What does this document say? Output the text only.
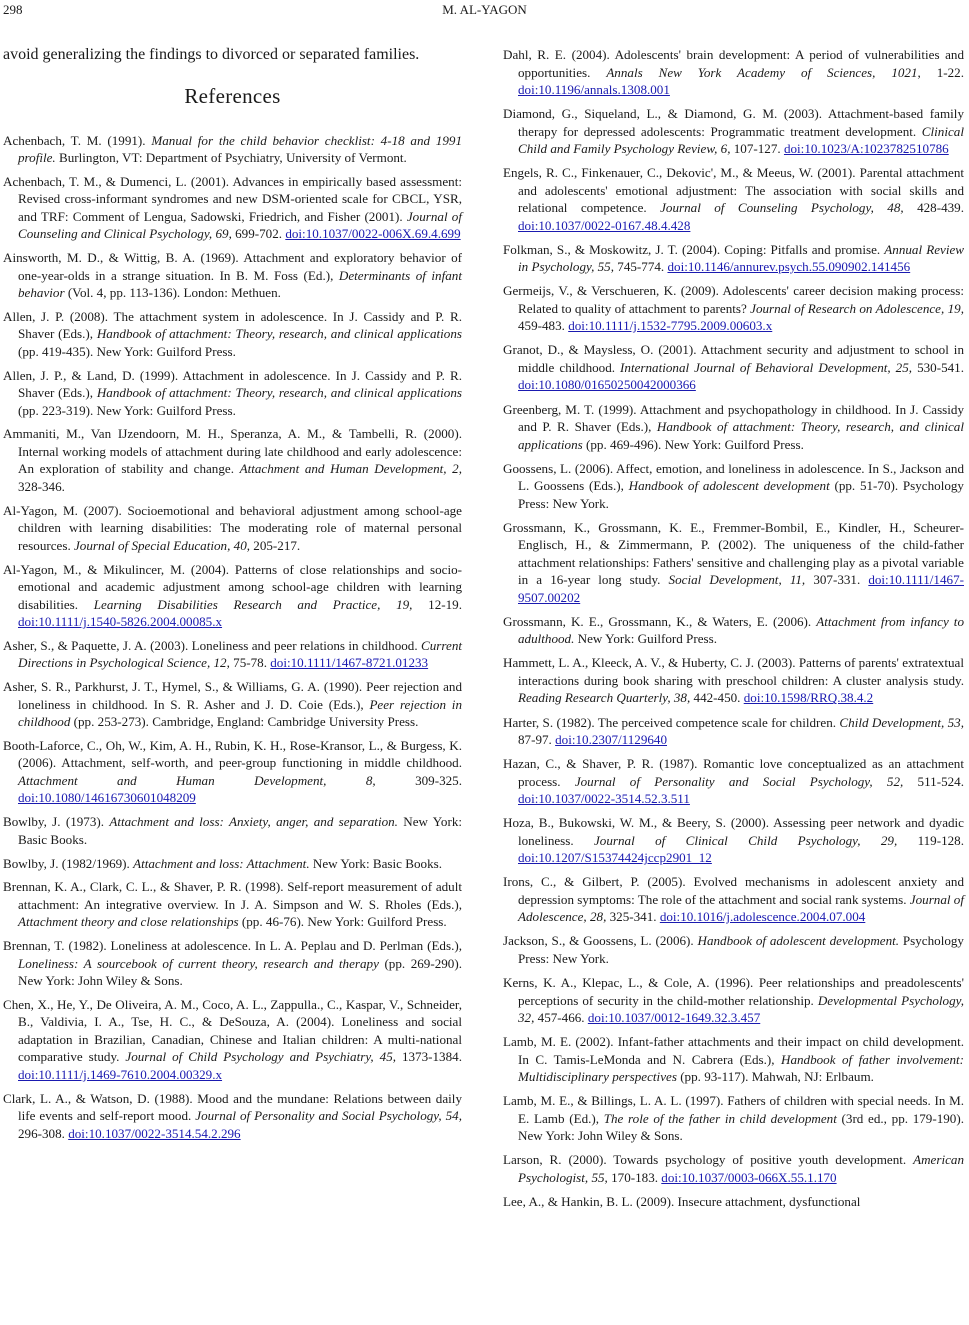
298	M. AL-YAGON

avoid generalizing the findings to divorced or separated families.

References

Achenbach, T. M. (1991). Manual for the child behavior checklist: 4-18 and 1991 profile. Burlington, VT: Department of Psychiatry, University of Vermont.

Achenbach, T. M., & Dumenci, L. (2001). Advances in empirically based assessment: Revised cross-informant syndromes and new DSM-oriented scale for CBCL, YSR, and TRF: Comment of Lengua, Sadowski, Friedrich, and Fisher (2001). Journal of Counseling and Clinical Psychology, 69, 699-702. doi:10.1037/0022-006X.69.4.699

Ainsworth, M. D., & Wittig, B. A. (1969). Attachment and exploratory behavior of one-year-olds in a strange situation. In B. M. Foss (Ed.), Determinants of infant behavior (Vol. 4, pp. 113-136). London: Methuen.

Allen, J. P. (2008). The attachment system in adolescence. In J. Cassidy and P. R. Shaver (Eds.), Handbook of attachment: Theory, research, and clinical applications (pp. 419-435). New York: Guilford Press.

Allen, J. P., & Land, D. (1999). Attachment in adolescence. In J. Cassidy and P. R. Shaver (Eds.), Handbook of attachment: Theory, research, and clinical applications (pp. 223-319). New York: Guilford Press.

Ammaniti, M., Van IJzendoorn, M. H., Speranza, A. M., & Tambelli, R. (2000). Internal working models of attachment during late childhood and early adolescence: An exploration of stability and change. Attachment and Human Development, 2, 328-346.

Al-Yagon, M. (2007). Socioemotional and behavioral adjustment among school-age children with learning disabilities: The moderating role of maternal personal resources. Journal of Special Education, 40, 205-217.

Al-Yagon, M., & Mikulincer, M. (2004). Patterns of close relationships and socio-emotional and academic adjustment among school-age children with learning disabilities. Learning Disabilities Research and Practice, 19, 12-19. doi:10.1111/j.1540-5826.2004.00085.x

Asher, S., & Paquette, J. A. (2003). Loneliness and peer relations in childhood. Current Directions in Psychological Science, 12, 75-78. doi:10.1111/1467-8721.01233

Asher, S. R., Parkhurst, J. T., Hymel, S., & Williams, G. A. (1990). Peer rejection and loneliness in childhood. In S. R. Asher and J. D. Coie (Eds.), Peer rejection in childhood (pp. 253-273). Cambridge, England: Cambridge University Press.

Booth-Laforce, C., Oh, W., Kim, A. H., Rubin, K. H., Rose-Kransor, L., & Burgess, K. (2006). Attachment, self-worth, and peer-group functioning in middle childhood. Attachment and Human Development, 8, 309-325. doi:10.1080/14616730601048209

Bowlby, J. (1973). Attachment and loss: Anxiety, anger, and separation. New York: Basic Books.

Bowlby, J. (1982/1969). Attachment and loss: Attachment. New York: Basic Books.

Brennan, K. A., Clark, C. L., & Shaver, P. R. (1998). Self-report measurement of adult attachment: An integrative overview. In J. A. Simpson and W. S. Rholes (Eds.), Attachment theory and close relationships (pp. 46-76). New York: Guilford Press.

Brennan, T. (1982). Loneliness at adolescence. In L. A. Peplau and D. Perlman (Eds.), Loneliness: A sourcebook of current theory, research and therapy (pp. 269-290). New York: John Wiley & Sons.

Chen, X., He, Y., De Oliveira, A. M., Coco, A. L., Zappulla., C., Kaspar, V., Schneider, B., Valdivia, I. A., Tse, H. C., & DeSouza, A. (2004). Loneliness and social adaptation in Brazilian, Canadian, Chinese and Italian children: A multi-national comparative study. Journal of Child Psychology and Psychiatry, 45, 1373-1384. doi:10.1111/j.1469-7610.2004.00329.x

Clark, L. A., & Watson, D. (1988). Mood and the mundane: Relations between daily life events and self-report mood. Journal of Personality and Social Psychology, 54, 296-308. doi:10.1037/0022-3514.54.2.296

Dahl, R. E. (2004). Adolescents' brain development: A period of vulnerabilities and opportunities. Annals New York Academy of Sciences, 1021, 1-22. doi:10.1196/annals.1308.001

Diamond, G., Siqueland, L., & Diamond, G. M. (2003). Attachment-based family therapy for depressed adolescents: Programmatic treatment development. Clinical Child and Family Psychology Review, 6, 107-127. doi:10.1023/A:1023782510786

Engels, R. C., Finkenauer, C., Dekovic', M., & Meeus, W. (2001). Parental attachment and adolescents' emotional adjustment: The association with social skills and relational competence. Journal of Counseling Psychology, 48, 428-439. doi:10.1037/0022-0167.48.4.428

Folkman, S., & Moskowitz, J. T. (2004). Coping: Pitfalls and promise. Annual Review in Psychology, 55, 745-774. doi:10.1146/annurev.psych.55.090902.141456

Germeijs, V., & Verschueren, K. (2009). Adolescents' career decision making process: Related to quality of attachment to parents? Journal of Research on Adolescence, 19, 459-483. doi:10.1111/j.1532-7795.2009.00603.x

Granot, D., & Maysless, O. (2001). Attachment security and adjustment to school in middle childhood. International Journal of Behavioral Development, 25, 530-541. doi:10.1080/01650250042000366

Greenberg, M. T. (1999). Attachment and psychopathology in childhood. In J. Cassidy and P. R. Shaver (Eds.), Handbook of attachment: Theory, research, and clinical applications (pp. 469-496). New York: Guilford Press.

Goossens, L. (2006). Affect, emotion, and loneliness in adolescence. In S., Jackson and L. Goossens (Eds.), Handbook of adolescent development (pp. 51-70). Psychology Press: New York.

Grossmann, K., Grossmann, K. E., Fremmer-Bombil, E., Kindler, H., Scheurer-Englisch, H., & Zimmermann, P. (2002). The uniqueness of the child-father attachment relationships: Fathers' sensitive and challenging play as a pivotal variable in a 16-year long study. Social Development, 11, 307-331. doi:10.1111/1467-9507.00202

Grossmann, K. E., Grossmann, K., & Waters, E. (2006). Attachment from infancy to adulthood. New York: Guilford Press.

Hammett, L. A., Kleeck, A. V., & Huberty, C. J. (2003). Patterns of parents' extratextual interactions during book sharing with preschool children: A cluster analysis study. Reading Research Quarterly, 38, 442-450. doi:10.1598/RRQ.38.4.2

Harter, S. (1982). The perceived competence scale for children. Child Development, 53, 87-97. doi:10.2307/1129640

Hazan, C., & Shaver, P. R. (1987). Romantic love conceptualized as an attachment process. Journal of Personality and Social Psychology, 52, 511-524. doi:10.1037/0022-3514.52.3.511

Hoza, B., Bukowski, W. M., & Beery, S. (2000). Assessing peer network and dyadic loneliness. Journal of Clinical Child Psychology, 29, 119-128. doi:10.1207/S15374424jccp2901_12

Irons, C., & Gilbert, P. (2005). Evolved mechanisms in adolescent anxiety and depression symptoms: The role of the attachment and social rank systems. Journal of Adolescence, 28, 325-341. doi:10.1016/j.adolescence.2004.07.004

Jackson, S., & Goossens, L. (2006). Handbook of adolescent development. Psychology Press: New York.

Kerns, K. A., Klepac, L., & Cole, A. (1996). Peer relationships and preadolescents' perceptions of security in the child-mother relationship. Developmental Psychology, 32, 457-466. doi:10.1037/0012-1649.32.3.457

Lamb, M. E. (2002). Infant-father attachments and their impact on child development. In C. Tamis-LeMonda and N. Cabrera (Eds.), Handbook of father involvement: Multidisciplinary perspectives (pp. 93-117). Mahwah, NJ: Erlbaum.

Lamb, M. E., & Billings, L. A. L. (1997). Fathers of children with special needs. In M. E. Lamb (Ed.), The role of the father in child development (3rd ed., pp. 179-190). New York: John Wiley & Sons.

Larson, R. (2000). Towards psychology of positive youth development. American Psychologist, 55, 170-183. doi:10.1037/0003-066X.55.1.170

Lee, A., & Hankin, B. L. (2009). Insecure attachment, dysfunctional
